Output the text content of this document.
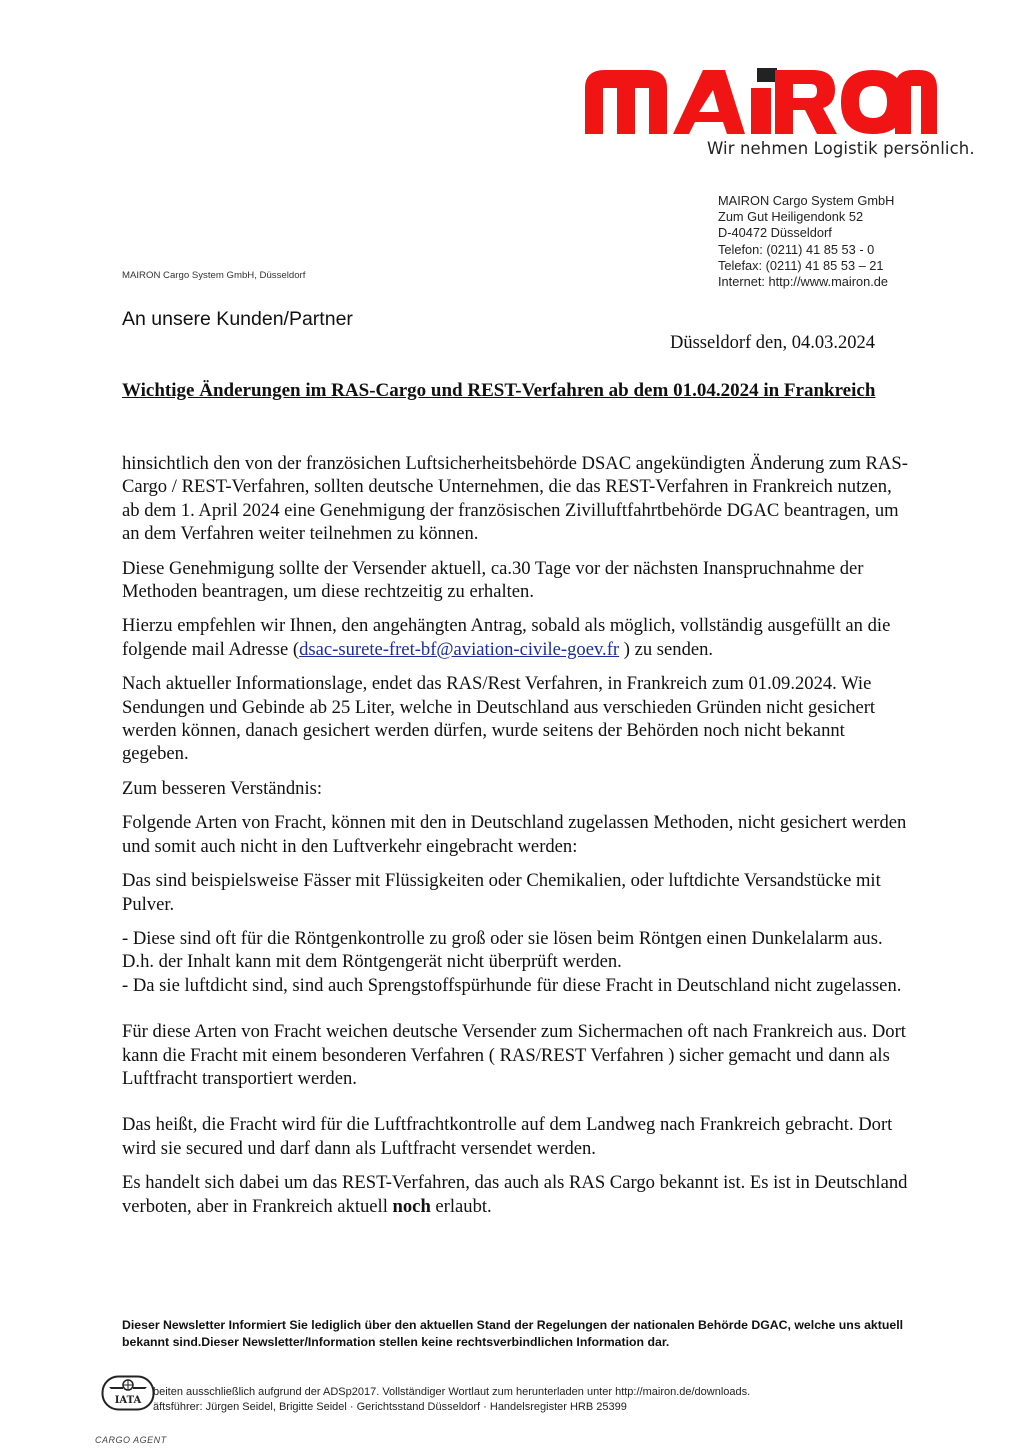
Wir nehmen Logistik persönlich.
MAIRON Cargo System GmbH
Zum Gut Heiligendonk 52
D-40472 Düsseldorf
Telefon: (0211) 41 85 53 - 0
Telefax: (0211) 41 85 53 – 21
Internet: http://www.mairon.de
MAIRON Cargo System GmbH, Düsseldorf
An unsere Kunden/Partner
Düsseldorf den, 04.03.2024
Wichtige Änderungen im RAS-Cargo und REST-Verfahren ab dem 01.04.2024 in Frankreich

hinsichtlich den von der französichen Luftsicherheitsbehörde DSAC angekündigten Änderung zum RAS-Cargo / REST-Verfahren, sollten deutsche Unternehmen, die das REST-Verfahren in Frankreich nutzen, ab dem 1. April 2024 eine Genehmigung der französischen Zivilluftfahrtbehörde DGAC beantragen, um an dem Verfahren weiter teilnehmen zu können.

Diese Genehmigung sollte der Versender aktuell, ca.30 Tage vor der nächsten Inanspruchnahme der Methoden beantragen, um diese rechtzeitig zu erhalten.

Hierzu empfehlen wir Ihnen, den angehängten Antrag, sobald als möglich, vollständig ausgefüllt an die folgende mail Adresse (dsac-surete-fret-bf@aviation-civile-goev.fr ) zu senden.

Nach aktueller Informationslage, endet das RAS/Rest Verfahren, in Frankreich zum 01.09.2024. Wie Sendungen und Gebinde ab 25 Liter, welche in Deutschland aus verschieden Gründen nicht gesichert werden können, danach gesichert werden dürfen, wurde seitens der Behörden noch nicht bekannt gegeben.

Zum besseren Verständnis:

Folgende Arten von Fracht, können mit den in Deutschland zugelassen Methoden, nicht gesichert werden und somit auch nicht in den Luftverkehr eingebracht werden:

Das sind beispielsweise Fässer mit Flüssigkeiten oder Chemikalien, oder luftdichte Versandstücke mit Pulver.

- Diese sind oft für die Röntgenkontrolle zu groß oder sie lösen beim Röntgen einen Dunkelalarm aus. D.h. der Inhalt kann mit dem Röntgengerät nicht überprüft werden.

- Da sie luftdicht sind, sind auch Sprengstoffspürhunde für diese Fracht in Deutschland nicht zugelassen.

Für diese Arten von Fracht weichen deutsche Versender zum Sichermachen oft nach Frankreich aus. Dort kann die Fracht mit einem besonderen Verfahren ( RAS/REST Verfahren ) sicher gemacht und dann als Luftfracht transportiert werden.

Das heißt, die Fracht wird für die Luftfrachtkontrolle auf dem Landweg nach Frankreich gebracht. Dort wird sie secured und darf dann als Luftfracht versendet werden.

Es handelt sich dabei um das REST-Verfahren, das auch als RAS Cargo bekannt ist. Es ist in Deutschland verboten, aber in Frankreich aktuell noch erlaubt.

Dieser Newsletter Informiert Sie lediglich über den aktuellen Stand der Regelungen der nationalen Behörde DGAC, welche uns aktuell bekannt sind.Dieser Newsletter/Information stellen keine rechtsverbindlichen Information dar.
IATA
beiten ausschließlich aufgrund der ADSp2017. Vollständiger Wortlaut zum herunterladen unter http://mairon.de/downloads.
äftsführer: Jürgen Seidel, Brigitte Seidel · Gerichtsstand Düsseldorf · Handelsregister HRB 25399
CARGO AGENT
